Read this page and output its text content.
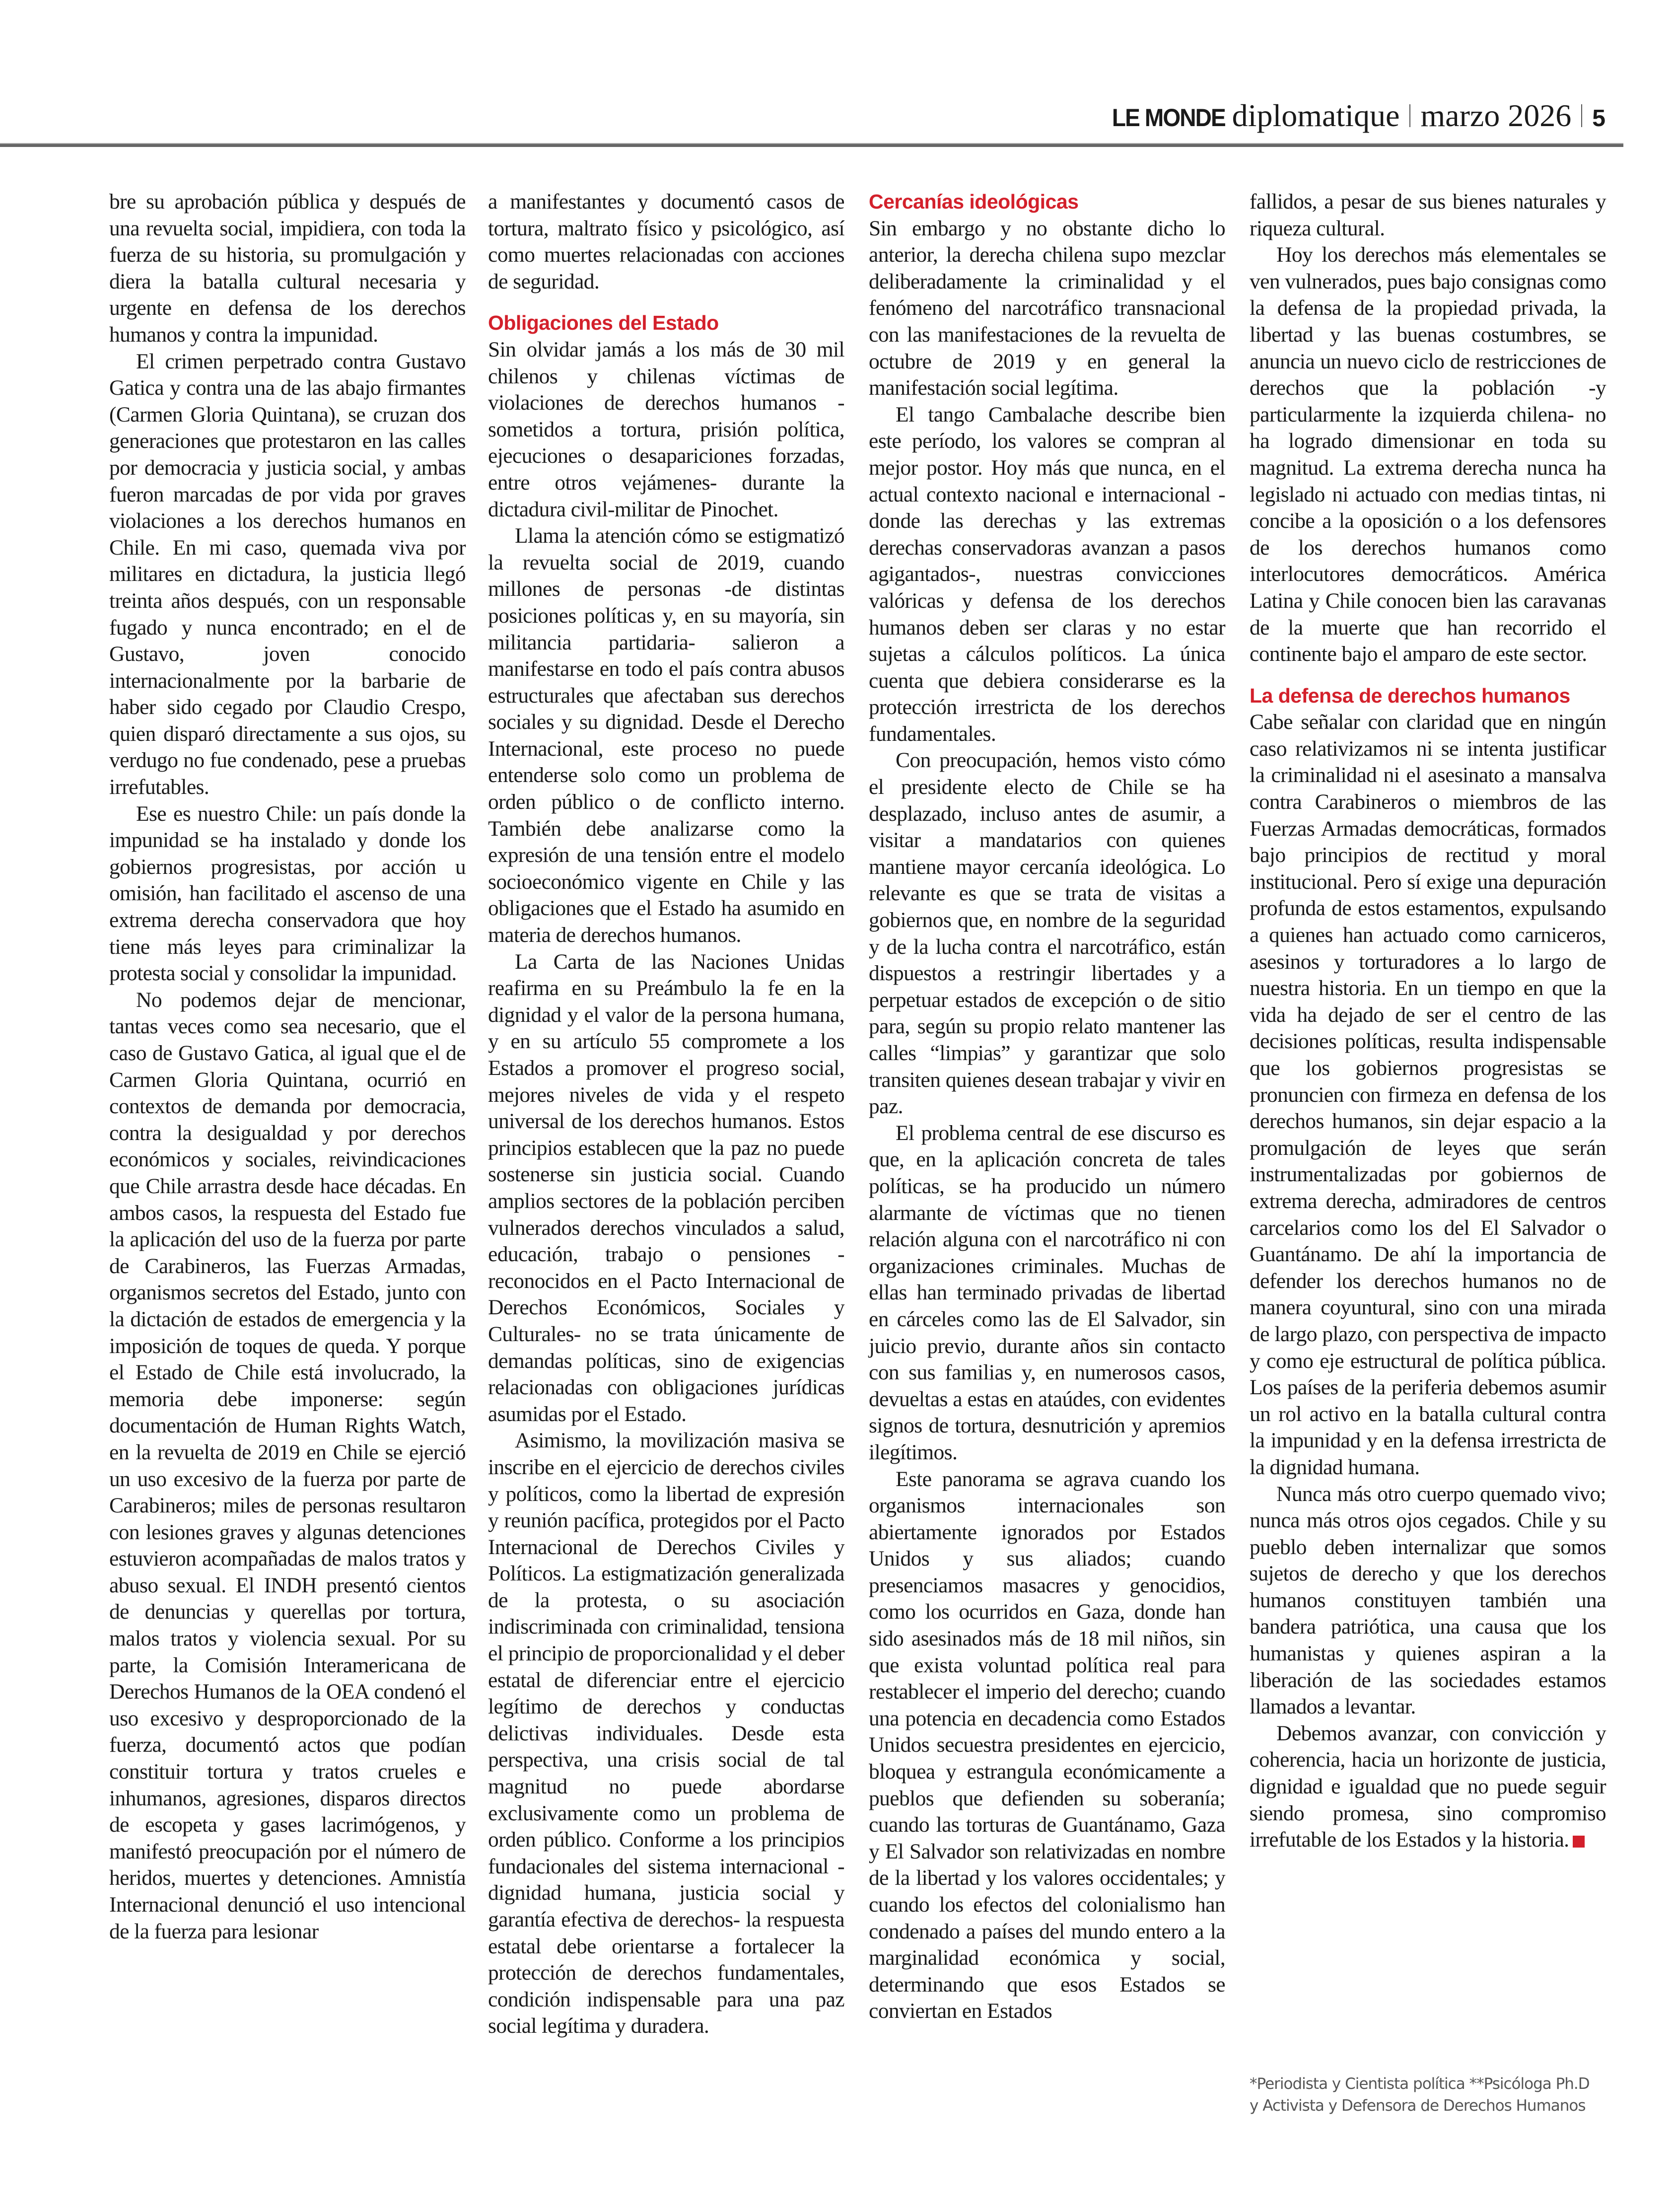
LE MONDE diplomatique marzo 2026 5

bre su aprobación pública y después de una revuelta social, impidiera, con toda la fuerza de su historia, su promulgación y diera la batalla cultural necesaria y urgente en defensa de los derechos humanos y contra la impunidad.

El crimen perpetrado contra Gustavo Gatica y contra una de las abajo firmantes (Carmen Gloria Quintana), se cruzan dos generaciones que protestaron en las calles por democracia y justicia social, y ambas fueron marcadas de por vida por graves violaciones a los derechos humanos en Chile. En mi caso, quemada viva por militares en dictadura, la justicia llegó treinta años después, con un responsable fugado y nunca encontrado; en el de Gustavo, joven conocido internacionalmente por la barbarie de haber sido cegado por Claudio Crespo, quien disparó directamente a sus ojos, su verdugo no fue condenado, pese a pruebas irrefutables.

Ese es nuestro Chile: un país donde la impunidad se ha instalado y donde los gobiernos progresistas, por acción u omisión, han facilitado el ascenso de una extrema derecha conservadora que hoy tiene más leyes para criminalizar la protesta social y consolidar la impunidad.

No podemos dejar de mencionar, tantas veces como sea necesario, que el caso de Gustavo Gatica, al igual que el de Carmen Gloria Quintana, ocurrió en contextos de demanda por democracia, contra la desigualdad y por derechos económicos y sociales, reivindicaciones que Chile arrastra desde hace décadas. En ambos casos, la respuesta del Estado fue la aplicación del uso de la fuerza por parte de Carabineros, las Fuerzas Armadas, organismos secretos del Estado, junto con la dictación de estados de emergencia y la imposición de toques de queda. Y porque el Estado de Chile está involucrado, la memoria debe imponerse: según documentación de Human Rights Watch, en la revuelta de 2019 en Chile se ejerció un uso excesivo de la fuerza por parte de Carabineros; miles de personas resultaron con lesiones graves y algunas detenciones estuvieron acompañadas de malos tratos y abuso sexual. El INDH presentó cientos de denuncias y querellas por tortura, malos tratos y violencia sexual. Por su parte, la Comisión Interamericana de Derechos Humanos de la OEA condenó el uso excesivo y desproporcionado de la fuerza, documentó actos que podían constituir tortura y tratos crueles e inhumanos, agresiones, disparos directos de escopeta y gases lacrimógenos, y manifestó preocupación por el número de heridos, muertes y detenciones. Amnistía Internacional denunció el uso intencional de la fuerza para lesionar

a manifestantes y documentó casos de tortura, maltrato físico y psicológico, así como muertes relacionadas con acciones de seguridad.

Obligaciones del Estado

Sin olvidar jamás a los más de 30 mil chilenos y chilenas víctimas de violaciones de derechos humanos -sometidos a tortura, prisión política, ejecuciones o desapariciones forzadas, entre otros vejámenes- durante la dictadura civil-militar de Pinochet.

Llama la atención cómo se estigmatizó la revuelta social de 2019, cuando millones de personas -de distintas posiciones políticas y, en su mayoría, sin militancia partidaria- salieron a manifestarse en todo el país contra abusos estructurales que afectaban sus derechos sociales y su dignidad. Desde el Derecho Internacional, este proceso no puede entenderse solo como un problema de orden público o de conflicto interno. También debe analizarse como la expresión de una tensión entre el modelo socioeconómico vigente en Chile y las obligaciones que el Estado ha asumido en materia de derechos humanos.

La Carta de las Naciones Unidas reafirma en su Preámbulo la fe en la dignidad y el valor de la persona humana, y en su artículo 55 compromete a los Estados a promover el progreso social, mejores niveles de vida y el respeto universal de los derechos humanos. Estos principios establecen que la paz no puede sostenerse sin justicia social. Cuando amplios sectores de la población perciben vulnerados derechos vinculados a salud, educación, trabajo o pensiones -reconocidos en el Pacto Internacional de Derechos Económicos, Sociales y Culturales- no se trata únicamente de demandas políticas, sino de exigencias relacionadas con obligaciones jurídicas asumidas por el Estado.

Asimismo, la movilización masiva se inscribe en el ejercicio de derechos civiles y políticos, como la libertad de expresión y reunión pacífica, protegidos por el Pacto Internacional de Derechos Civiles y Políticos. La estigmatización generalizada de la protesta, o su asociación indiscriminada con criminalidad, tensiona el principio de proporcionalidad y el deber estatal de diferenciar entre el ejercicio legítimo de derechos y conductas delictivas individuales. Desde esta perspectiva, una crisis social de tal magnitud no puede abordarse exclusivamente como un problema de orden público. Conforme a los principios fundacionales del sistema internacional -dignidad humana, justicia social y garantía efectiva de derechos- la respuesta estatal debe orientarse a fortalecer la protección de derechos fundamentales, condición indispensable para una paz social legítima y duradera.

Cercanías ideológicas

Sin embargo y no obstante dicho lo anterior, la derecha chilena supo mezclar deliberadamente la criminalidad y el fenómeno del narcotráfico transnacional con las manifestaciones de la revuelta de octubre de 2019 y en general la manifestación social legítima.

El tango Cambalache describe bien este período, los valores se compran al mejor postor. Hoy más que nunca, en el actual contexto nacional e internacional -donde las derechas y las extremas derechas conservadoras avanzan a pasos agigantados-, nuestras convicciones valóricas y defensa de los derechos humanos deben ser claras y no estar sujetas a cálculos políticos. La única cuenta que debiera considerarse es la protección irrestricta de los derechos fundamentales.

Con preocupación, hemos visto cómo el presidente electo de Chile se ha desplazado, incluso antes de asumir, a visitar a mandatarios con quienes mantiene mayor cercanía ideológica. Lo relevante es que se trata de visitas a gobiernos que, en nombre de la seguridad y de la lucha contra el narcotráfico, están dispuestos a restringir libertades y a perpetuar estados de excepción o de sitio para, según su propio relato mantener las calles “limpias” y garantizar que solo transiten quienes desean trabajar y vivir en paz.

El problema central de ese discurso es que, en la aplicación concreta de tales políticas, se ha producido un número alarmante de víctimas que no tienen relación alguna con el narcotráfico ni con organizaciones criminales. Muchas de ellas han terminado privadas de libertad en cárceles como las de El Salvador, sin juicio previo, durante años sin contacto con sus familias y, en numerosos casos, devueltas a estas en ataúdes, con evidentes signos de tortura, desnutrición y apremios ilegítimos.

Este panorama se agrava cuando los organismos internacionales son abiertamente ignorados por Estados Unidos y sus aliados; cuando presenciamos masacres y genocidios, como los ocurridos en Gaza, donde han sido asesinados más de 18 mil niños, sin que exista voluntad política real para restablecer el imperio del derecho; cuando una potencia en decadencia como Estados Unidos secuestra presidentes en ejercicio, bloquea y estrangula económicamente a pueblos que defienden su soberanía; cuando las torturas de Guantánamo, Gaza y El Salvador son relativizadas en nombre de la libertad y los valores occidentales; y cuando los efectos del colonialismo han condenado a países del mundo entero a la marginalidad económica y social, determinando que esos Estados se conviertan en Estados

fallidos, a pesar de sus bienes naturales y riqueza cultural.

Hoy los derechos más elementales se ven vulnerados, pues bajo consignas como la defensa de la propiedad privada, la libertad y las buenas costumbres, se anuncia un nuevo ciclo de restricciones de derechos que la población -y particularmente la izquierda chilena- no ha logrado dimensionar en toda su magnitud. La extrema derecha nunca ha legislado ni actuado con medias tintas, ni concibe a la oposición o a los defensores de los derechos humanos como interlocutores democráticos. América Latina y Chile conocen bien las caravanas de la muerte que han recorrido el continente bajo el amparo de este sector.

La defensa de derechos humanos

Cabe señalar con claridad que en ningún caso relativizamos ni se intenta justificar la criminalidad ni el asesinato a mansalva contra Carabineros o miembros de las Fuerzas Armadas democráticas, formados bajo principios de rectitud y moral institucional. Pero sí exige una depuración profunda de estos estamentos, expulsando a quienes han actuado como carniceros, asesinos y torturadores a lo largo de nuestra historia. En un tiempo en que la vida ha dejado de ser el centro de las decisiones políticas, resulta indispensable que los gobiernos progresistas se pronuncien con firmeza en defensa de los derechos humanos, sin dejar espacio a la promulgación de leyes que serán instrumentalizadas por gobiernos de extrema derecha, admiradores de centros carcelarios como los del El Salvador o Guantánamo. De ahí la importancia de defender los derechos humanos no de manera coyuntural, sino con una mirada de largo plazo, con perspectiva de impacto y como eje estructural de política pública. Los países de la periferia debemos asumir un rol activo en la batalla cultural contra la impunidad y en la defensa irrestricta de la dignidad humana.

Nunca más otro cuerpo quemado vivo; nunca más otros ojos cegados. Chile y su pueblo deben internalizar que somos sujetos de derecho y que los derechos humanos constituyen también una bandera patriótica, una causa que los humanistas y quienes aspiran a la liberación de las sociedades estamos llamados a levantar.

Debemos avanzar, con convicción y coherencia, hacia un horizonte de justicia, dignidad e igualdad que no puede seguir siendo promesa, sino compromiso irrefutable de los Estados y la historia.

*Periodista y Cientista política **Psicóloga Ph.D y Activista y Defensora de Derechos Humanos
